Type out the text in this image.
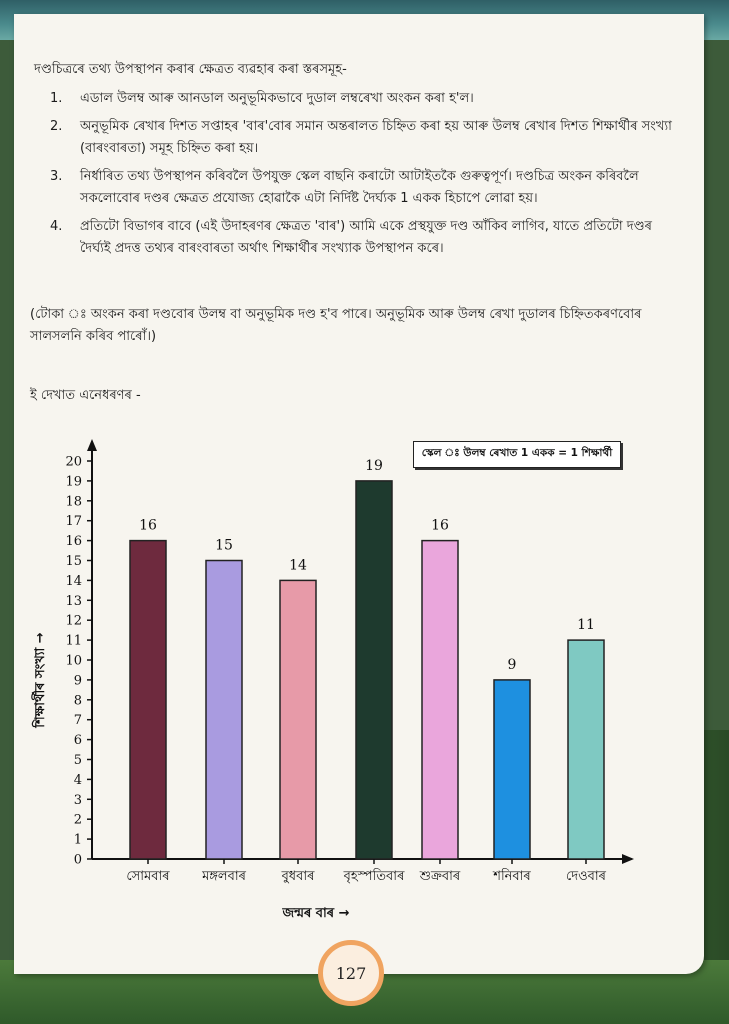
দণ্ডচিত্ৰৰে তথ্য উপস্থাপন কৰাৰ ক্ষেত্ৰত ব্যৱহাৰ কৰা স্তৰসমূহ-
1. এডাল উলম্ব আৰু আনডাল অনুভূমিকভাবে দুডাল লম্বৰেখা অংকন কৰা হ'ল।
2. অনুভূমিক ৰেখাৰ দিশত সপ্তাহৰ 'বাৰ'বোৰ সমান অন্তৰালত চিহ্নিত কৰা হয় আৰু উলম্ব ৰেখাৰ দিশত শিক্ষাৰ্থীৰ সংখ্যা (বাৰংবাৰতা) সমূহ চিহ্নিত কৰা হয়।
3. নিৰ্ধাৰিত তথ্য উপস্থাপন কৰিবলৈ উপযুক্ত স্কেল বাছনি কৰাটো আটাইতকৈ গুৰুত্বপূৰ্ণ। দণ্ডচিত্ৰ অংকন কৰিবলৈ সকলোবোৰ দণ্ডৰ ক্ষেত্ৰত প্ৰযোজ্য হোৱাকৈ এটা নিৰ্দিষ্ট দৈৰ্ঘ্যক 1 একক হিচাপে লোৱা হয়।
4. প্ৰতিটো বিভাগৰ বাবে (এই উদাহৰণৰ ক্ষেত্ৰত 'বাৰ') আমি একে প্ৰস্থযুক্ত দণ্ড আঁকিব লাগিব, যাতে প্ৰতিটো দণ্ডৰ দৈৰ্ঘ্যই প্ৰদত্ত তথ্যৰ বাৰংবাৰতা অৰ্থাৎ শিক্ষাৰ্থীৰ সংখ্যাক উপস্থাপন কৰে।
(টোকা ঃ অংকন কৰা দণ্ডবোৰ উলম্ব বা অনুভূমিক দণ্ড হ'ব পাৰে। অনুভূমিক আৰু উলম্ব ৰেখা দুডালৰ চিহ্নিতকৰণবোৰ সালসলনি কৰিব পাৰোঁ।)
ই দেখাত এনেধৰণৰ -
0
1
2
3
4
5
6
7
8
9
10
11
12
13
14
15
16
17
18
19
20
শিক্ষাৰ্থীৰ সংখ্যা →
16
সোমবাৰ
15
মঙ্গলবাৰ
14
বুধবাৰ
19
বৃহস্পতিবাৰ
16
শুক্ৰবাৰ
9
শনিবাৰ
11
দেওবাৰ
জন্মৰ বাৰ →
স্কেল ঃ উলম্ব ৰেখাত 1 একক = 1 শিক্ষাৰ্থী
127
